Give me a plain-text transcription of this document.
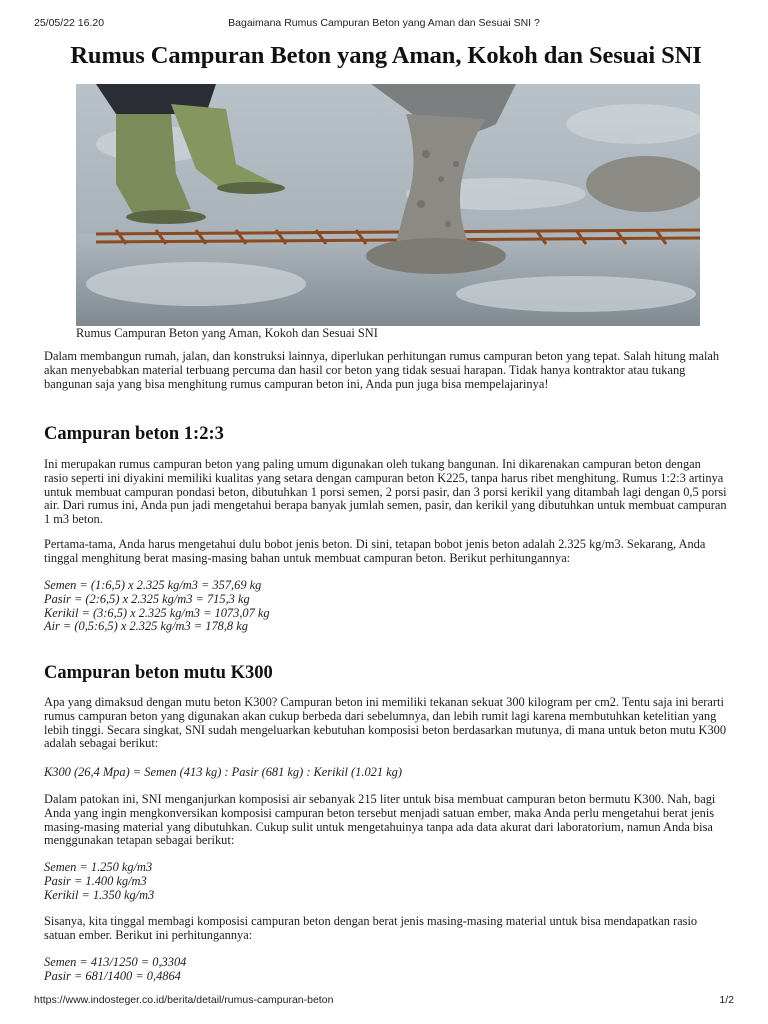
25/05/22 16.20	Bagaimana Rumus Campuran Beton yang Aman dan Sesuai SNI ?
Rumus Campuran Beton yang Aman, Kokoh dan Sesuai SNI
Rumus Campuran Beton yang Aman, Kokoh dan Sesuai SNI

Dalam membangun rumah, jalan, dan konstruksi lainnya, diperlukan perhitungan rumus campuran beton yang tepat. Salah hitung malah akan menyebabkan material terbuang percuma dan hasil cor beton yang tidak sesuai harapan. Tidak hanya kontraktor atau tukang bangunan saja yang bisa menghitung rumus campuran beton ini, Anda pun juga bisa mempelajarinya!

Campuran beton 1:2:3

Ini merupakan rumus campuran beton yang paling umum digunakan oleh tukang bangunan. Ini dikarenakan campuran beton dengan rasio seperti ini diyakini memiliki kualitas yang setara dengan campuran beton K225, tanpa harus ribet menghitung. Rumus 1:2:3 artinya untuk membuat campuran pondasi beton, dibutuhkan 1 porsi semen, 2 porsi pasir, dan 3 porsi kerikil yang ditambah lagi dengan 0,5 porsi air. Dari rumus ini, Anda pun jadi mengetahui berapa banyak jumlah semen, pasir, dan kerikil yang dibutuhkan untuk membuat campuran 1 m3 beton.

Pertama-tama, Anda harus mengetahui dulu bobot jenis beton. Di sini, tetapan bobot jenis beton adalah 2.325 kg/m3. Sekarang, Anda tinggal menghitung berat masing-masing bahan untuk membuat campuran beton. Berikut perhitungannya:

Semen = (1:6,5) x 2.325 kg/m3 = 357,69 kg

Pasir = (2:6,5) x 2.325 kg/m3 = 715,3 kg

Kerikil = (3:6,5) x 2.325 kg/m3 = 1073,07 kg

Air = (0,5:6,5) x 2.325 kg/m3 = 178,8 kg

Campuran beton mutu K300

Apa yang dimaksud dengan mutu beton K300? Campuran beton ini memiliki tekanan sekuat 300 kilogram per cm2. Tentu saja ini berarti rumus campuran beton yang digunakan akan cukup berbeda dari sebelumnya, dan lebih rumit lagi karena membutuhkan ketelitian yang lebih tinggi. Secara singkat, SNI sudah mengeluarkan kebutuhan komposisi beton berdasarkan mutunya, di mana untuk beton mutu K300 adalah sebagai berikut:

K300 (26,4 Mpa) = Semen (413 kg) : Pasir (681 kg) : Kerikil (1.021 kg)

Dalam patokan ini, SNI menganjurkan komposisi air sebanyak 215 liter untuk bisa membuat campuran beton bermutu K300. Nah, bagi Anda yang ingin mengkonversikan komposisi campuran beton tersebut menjadi satuan ember, maka Anda perlu mengetahui berat jenis masing-masing material yang dibutuhkan. Cukup sulit untuk mengetahuinya tanpa ada data akurat dari laboratorium, namun Anda bisa menggunakan tetapan sebagai berikut:

Semen = 1.250 kg/m3

Pasir = 1.400 kg/m3

Kerikil = 1.350 kg/m3

Sisanya, kita tinggal membagi komposisi campuran beton dengan berat jenis masing-masing material untuk bisa mendapatkan rasio satuan ember. Berikut ini perhitungannya:

Semen = 413/1250 = 0,3304

Pasir = 681/1400 = 0,4864

https://www.indosteger.co.id/berita/detail/rumus-campuran-beton	1/2
